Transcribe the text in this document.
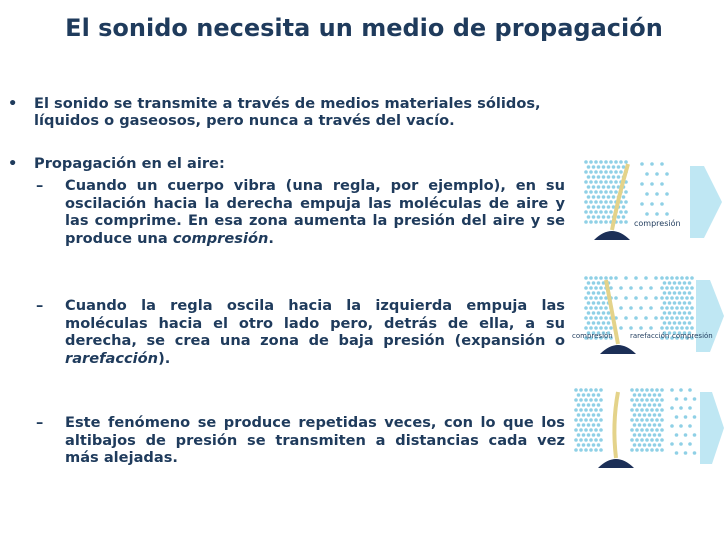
El sonido necesita un medio de propagación
• El sonido se transmite a través de medios materiales sólidos, líquidos o gaseosos, pero nunca a través del vacío.
• Propagación en el aire:
– Cuando un cuerpo vibra (una regla, por ejemplo), en su oscilación hacia la derecha empuja las moléculas de aire y las comprime. En esa zona aumenta la presión del aire y se produce una compresión.
– Cuando la regla oscila hacia la izquierda empuja las moléculas hacia el otro lado pero, detrás de ella, a su derecha, se crea una zona de baja presión (expansión o rarefacción).
– Este fenómeno se produce repetidas veces, con lo que los altibajos de presión se transmiten a distancias cada vez más alejadas.
compresión
compresión rarefacción compresión
